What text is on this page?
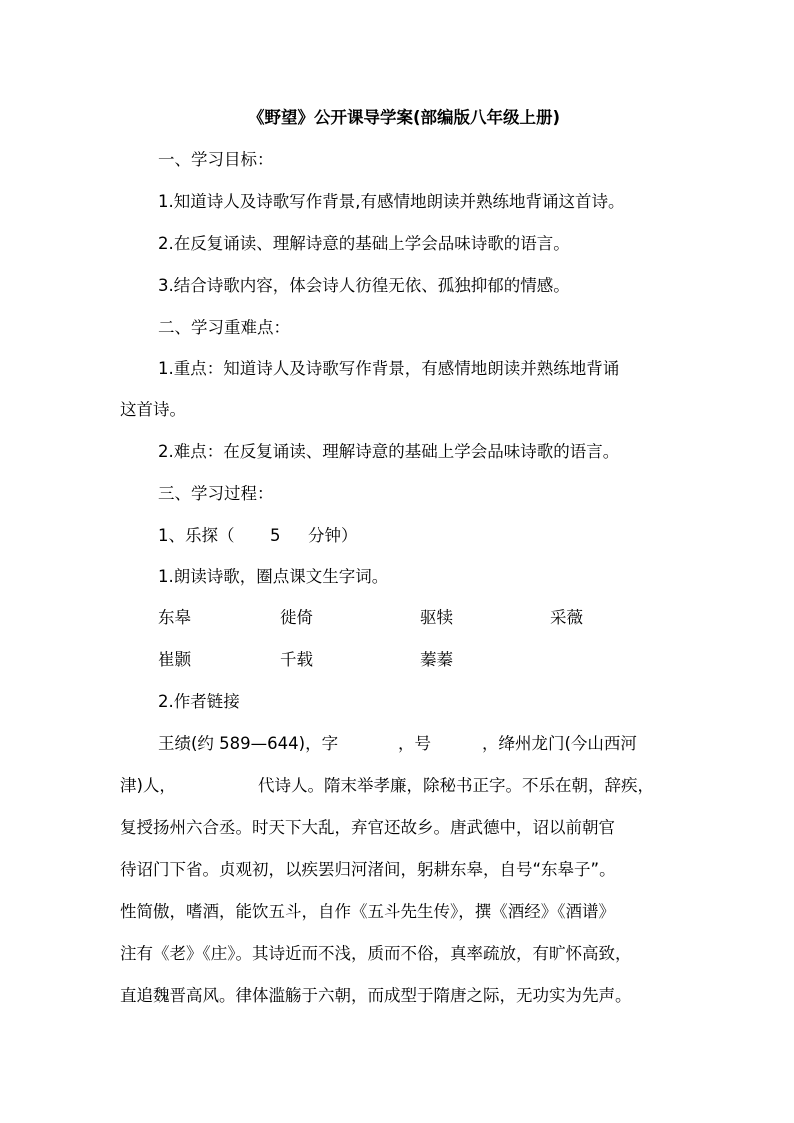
《野望》公开课导学案(部编版八年级上册)
一、学习目标：
1.知道诗人及诗歌写作背景,有感情地朗读并熟练地背诵这首诗。
2.在反复诵读、理解诗意的基础上学会品味诗歌的语言。
3.结合诗歌内容，体会诗人彷徨无依、孤独抑郁的情感。
二、学习重难点：
1.重点：知道诗人及诗歌写作背景，有感情地朗读并熟练地背诵
这首诗。
2.难点：在反复诵读、理解诗意的基础上学会品味诗歌的语言。
三、学习过程：
1、乐探（ 5 分钟）
1.朗读诗歌，圈点课文生字词。
东皋	徙倚	驱犊	采薇
崔颢	千载	蓁蓁
2.作者链接
王绩(约 589—644)，字	，号	，绛州龙门(今山西河
津)人，	代诗人。隋末举孝廉，除秘书正字。不乐在朝，辞疾，
复授扬州六合丞。时天下大乱，弃官还故乡。唐武德中，诏以前朝官
待诏门下省。贞观初，以疾罢归河渚间，躬耕东皋，自号“东皋子”。
性简傲，嗜酒，能饮五斗，自作《五斗先生传》，撰《酒经》《酒谱》
注有《老》《庄》。其诗近而不浅，质而不俗，真率疏放，有旷怀高致，
直追魏晋高风。律体滥觞于六朝，而成型于隋唐之际，无功实为先声。
